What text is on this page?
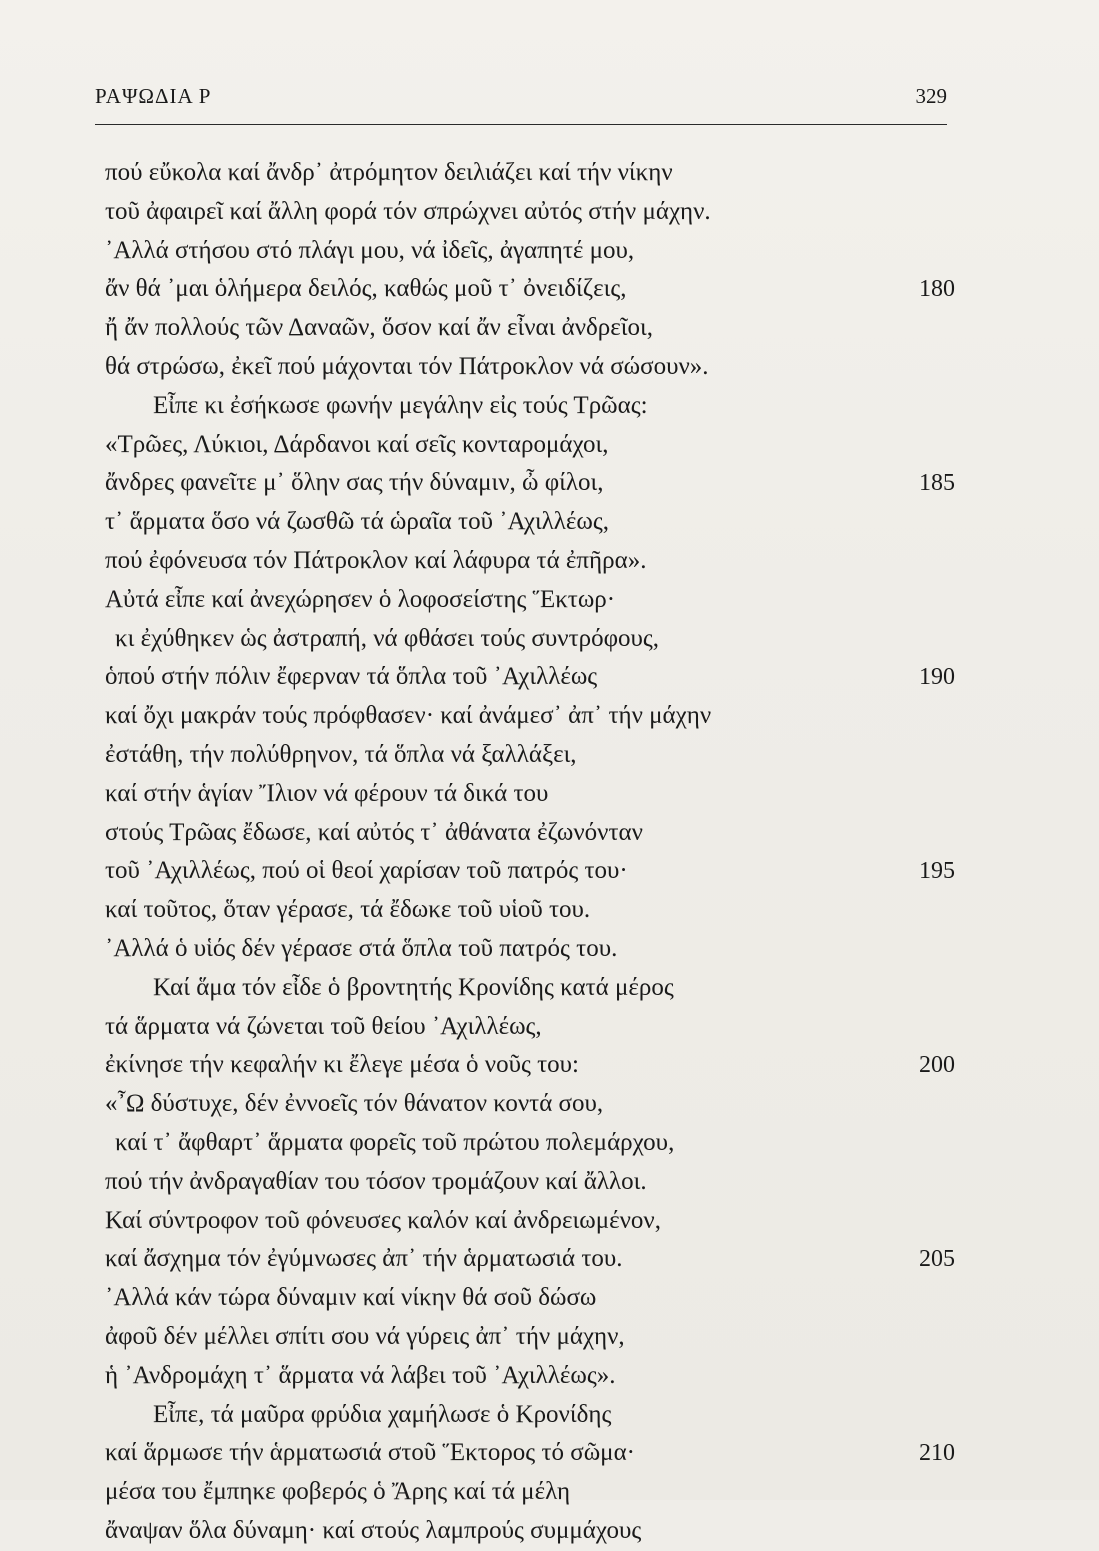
ΡΑΨΩΔΙΑ Ρ	329
πού εὔκολα καί ἄνδρ᾽ ἀτρόμητον δειλιάζει καί τήν νίκην
τοῦ ἀφαιρεῖ καί ἄλλη φορά τόν σπρώχνει αὐτός στήν μάχην.
᾽Αλλά στήσου στό πλάγι μου, νά ἰδεῖς, ἀγαπητέ μου,
ἄν θά ᾽μαι ὁλήμερα δειλός, καθώς μοῦ τ᾽ ὀνειδίζεις,	180
ἤ ἄν πολλούς τῶν Δαναῶν, ὅσον καί ἄν εἶναι ἀνδρεῖοι,
θά στρώσω, ἐκεῖ πού μάχονται τόν Πάτροκλον νά σώσουν».
Εἶπε κι ἐσήκωσε φωνήν μεγάλην εἰς τούς Τρῶας:
«Τρῶες, Λύκιοι, Δάρδανοι καί σεῖς κονταρομάχοι,
ἄνδρες φανεῖτε μ᾽ ὅλην σας τήν δύναμιν, ὦ φίλοι,	185
τ᾽ ἅρματα ὅσο νά ζωσθῶ τά ὡραῖα τοῦ ᾽Αχιλλέως,
πού ἐφόνευσα τόν Πάτροκλον καί λάφυρα τά ἐπῆρα».
Αὐτά εἶπε καί ἀνεχώρησεν ὁ λοφοσείστης Ἕκτωρ·
κι ἐχύθηκεν ὡς ἀστραπή, νά φθάσει τούς συντρόφους,
ὁπού στήν πόλιν ἔφερναν τά ὅπλα τοῦ ᾽Αχιλλέως	190
καί ὄχι μακράν τούς πρόφθασεν· καί ἀνάμεσ᾽ ἀπ᾽ τήν μάχην
ἐστάθη, τήν πολύθρηνον, τά ὅπλα νά ξαλλάξει,
καί στήν ἁγίαν Ἴλιον νά φέρουν τά δικά του
στούς Τρῶας ἔδωσε, καί αὐτός τ᾽ ἀθάνατα ἐζωνόνταν
τοῦ ᾽Αχιλλέως, πού οἱ θεοί χαρίσαν τοῦ πατρός του·	195
καί τοῦτος, ὅταν γέρασε, τά ἔδωκε τοῦ υἱοῦ του.
᾽Αλλά ὁ υἱός δέν γέρασε στά ὅπλα τοῦ πατρός του.
Καί ἅμα τόν εἶδε ὁ βροντητής Κρονίδης κατά μέρος
τά ἅρματα νά ζώνεται τοῦ θείου ᾽Αχιλλέως,
ἐκίνησε τήν κεφαλήν κι ἔλεγε μέσα ὁ νοῦς του:	200
«῏Ω δύστυχε, δέν ἐννοεῖς τόν θάνατον κοντά σου,
καί τ᾽ ἄφθαρτ᾽ ἅρματα φορεῖς τοῦ πρώτου πολεμάρχου,
πού τήν ἀνδραγαθίαν του τόσον τρομάζουν καί ἄλλοι.
Καί σύντροφον τοῦ φόνευσες καλόν καί ἀνδρειωμένον,
καί ἄσχημα τόν ἐγύμνωσες ἀπ᾽ τήν ἁρματωσιά του.	205
᾽Αλλά κάν τώρα δύναμιν καί νίκην θά σοῦ δώσω
ἀφοῦ δέν μέλλει σπίτι σου νά γύρεις ἀπ᾽ τήν μάχην,
ἡ ᾽Ανδρομάχη τ᾽ ἅρματα νά λάβει τοῦ ᾽Αχιλλέως».
Εἶπε, τά μαῦρα φρύδια χαμήλωσε ὁ Κρονίδης
καί ἅρμωσε τήν ἁρματωσιά στοῦ Ἕκτορος τό σῶμα·	210
μέσα του ἔμπηκε φοβερός ὁ Ἄρης καί τά μέλη
ἄναψαν ὅλα δύναμη· καί στούς λαμπρούς συμμάχους
